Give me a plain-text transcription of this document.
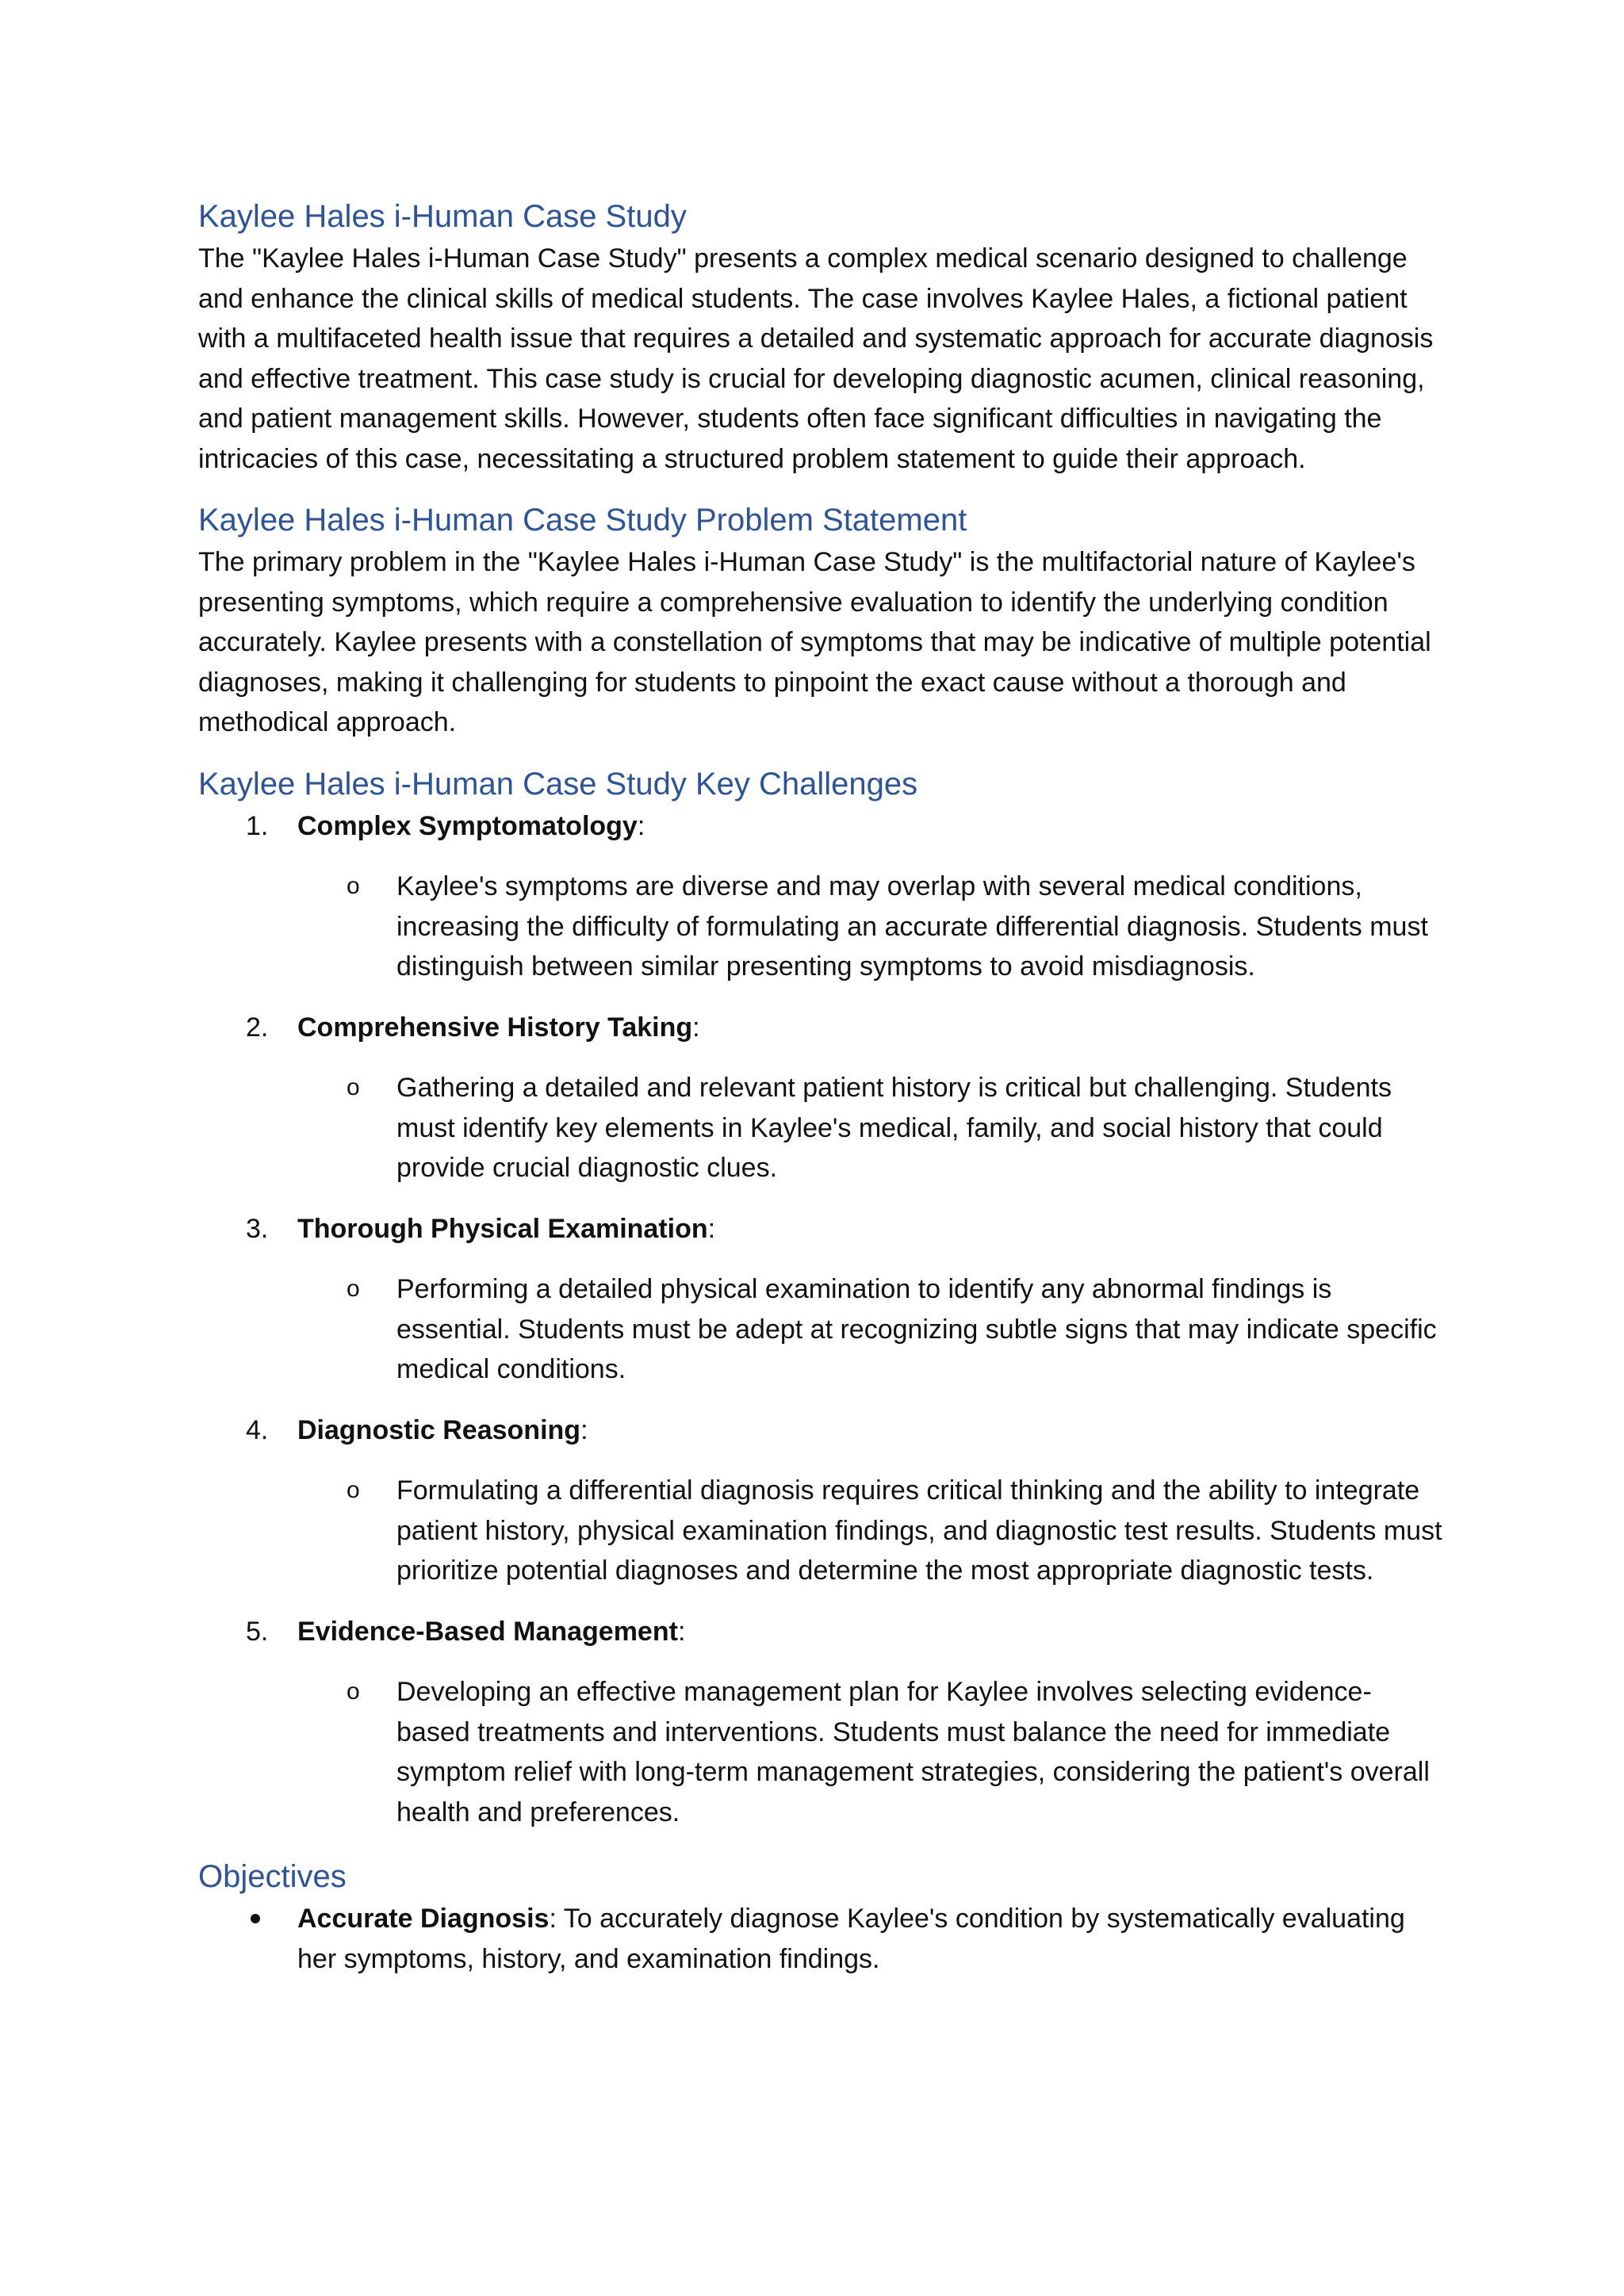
Kaylee Hales i-Human Case Study

The "Kaylee Hales i-Human Case Study" presents a complex medical scenario designed to challenge and enhance the clinical skills of medical students. The case involves Kaylee Hales, a fictional patient with a multifaceted health issue that requires a detailed and systematic approach for accurate diagnosis and effective treatment. This case study is crucial for developing diagnostic acumen, clinical reasoning, and patient management skills. However, students often face significant difficulties in navigating the intricacies of this case, necessitating a structured problem statement to guide their approach.

Kaylee Hales i-Human Case Study Problem Statement

The primary problem in the "Kaylee Hales i-Human Case Study" is the multifactorial nature of Kaylee's presenting symptoms, which require a comprehensive evaluation to identify the underlying condition accurately. Kaylee presents with a constellation of symptoms that may be indicative of multiple potential diagnoses, making it challenging for students to pinpoint the exact cause without a thorough and methodical approach.

Kaylee Hales i-Human Case Study Key Challenges
1. Complex Symptomatology:
o Kaylee's symptoms are diverse and may overlap with several medical conditions, increasing the difficulty of formulating an accurate differential diagnosis. Students must distinguish between similar presenting symptoms to avoid misdiagnosis.
2. Comprehensive History Taking:
o Gathering a detailed and relevant patient history is critical but challenging. Students must identify key elements in Kaylee's medical, family, and social history that could provide crucial diagnostic clues.
3. Thorough Physical Examination:
o Performing a detailed physical examination to identify any abnormal findings is essential. Students must be adept at recognizing subtle signs that may indicate specific medical conditions.
4. Diagnostic Reasoning:
o Formulating a differential diagnosis requires critical thinking and the ability to integrate patient history, physical examination findings, and diagnostic test results. Students must prioritize potential diagnoses and determine the most appropriate diagnostic tests.
5. Evidence-Based Management:
o Developing an effective management plan for Kaylee involves selecting evidence-based treatments and interventions. Students must balance the need for immediate symptom relief with long-term management strategies, considering the patient's overall health and preferences.
Objectives
Accurate Diagnosis: To accurately diagnose Kaylee's condition by systematically evaluating her symptoms, history, and examination findings.
